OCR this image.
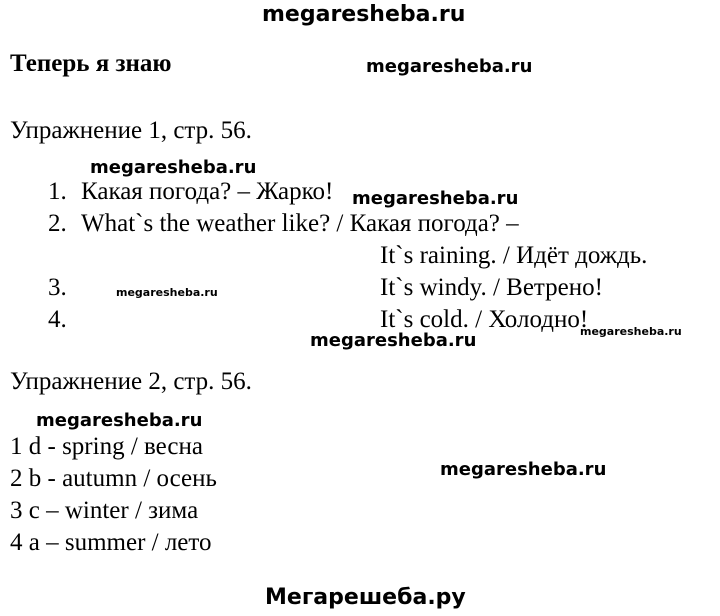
megaresheba.ru
megaresheba.ru
megaresheba.ru
megaresheba.ru
megaresheba.ru
megaresheba.ru
megaresheba.ru
megaresheba.ru
megaresheba.ru
Мегарешеба.ру
Теперь я знаю
Упражнение 1, стр. 56.
1. Какая погода? – Жарко!
2. What`s the weather like? / Какая погода? –
It`s raining. / Идёт дождь.
3.	It`s windy. / Ветрено!
4.	It`s cold. / Холодно!
Упражнение 2, стр. 56.
1 d - spring / весна
2 b - autumn / осень
3 c – winter / зима
4 a – summer / лето
